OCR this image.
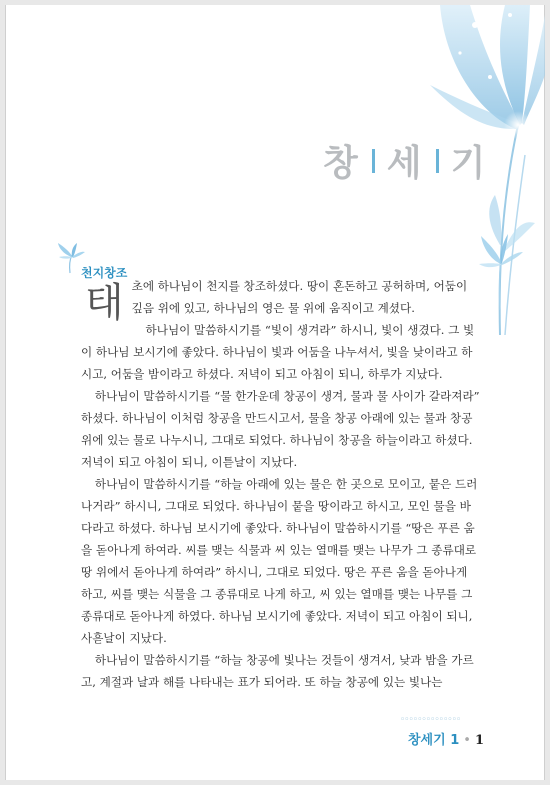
창 세 기
천지창조

태초에 하나님이 천지를 창조하셨다. 땅이 혼돈하고 공허하며, 어둠이 깊음 위에 있고, 하나님의 영은 물 위에 움직이고 계셨다.

하나님이 말씀하시기를 “빛이 생겨라” 하시니, 빛이 생겼다. 그 빛이 하나님 보시기에 좋았다. 하나님이 빛과 어둠을 나누셔서, 빛을 낮이라고 하시고, 어둠을 밤이라고 하셨다. 저녁이 되고 아침이 되니, 하루가 지났다.

하나님이 말씀하시기를 “물 한가운데 창공이 생겨, 물과 물 사이가 갈라져라” 하셨다. 하나님이 이처럼 창공을 만드시고서, 물을 창공 아래에 있는 물과 창공 위에 있는 물로 나누시니, 그대로 되었다. 하나님이 창공을 하늘이라고 하셨다. 저녁이 되고 아침이 되니, 이튿날이 지났다.

하나님이 말씀하시기를 “하늘 아래에 있는 물은 한 곳으로 모이고, 뭍은 드러나거라” 하시니, 그대로 되었다. 하나님이 뭍을 땅이라고 하시고, 모인 물을 바다라고 하셨다. 하나님 보시기에 좋았다. 하나님이 말씀하시기를 “땅은 푸른 움을 돋아나게 하여라. 씨를 맺는 식물과 씨 있는 열매를 맺는 나무가 그 종류대로 땅 위에서 돋아나게 하여라” 하시니, 그대로 되었다. 땅은 푸른 움을 돋아나게 하고, 씨를 맺는 식물을 그 종류대로 나게 하고, 씨 있는 열매를 맺는 나무를 그 종류대로 돋아나게 하였다. 하나님 보시기에 좋았다. 저녁이 되고 아침이 되니, 사흗날이 지났다.

하나님이 말씀하시기를 “하늘 창공에 빛나는 것들이 생겨서, 낮과 밤을 가르고, 계절과 날과 해를 나타내는 표가 되어라. 또 하늘 창공에 있는 빛나는

◦◦◦◦◦◦◦◦◦◦◦◦◦◦
창세기 1 • 1
